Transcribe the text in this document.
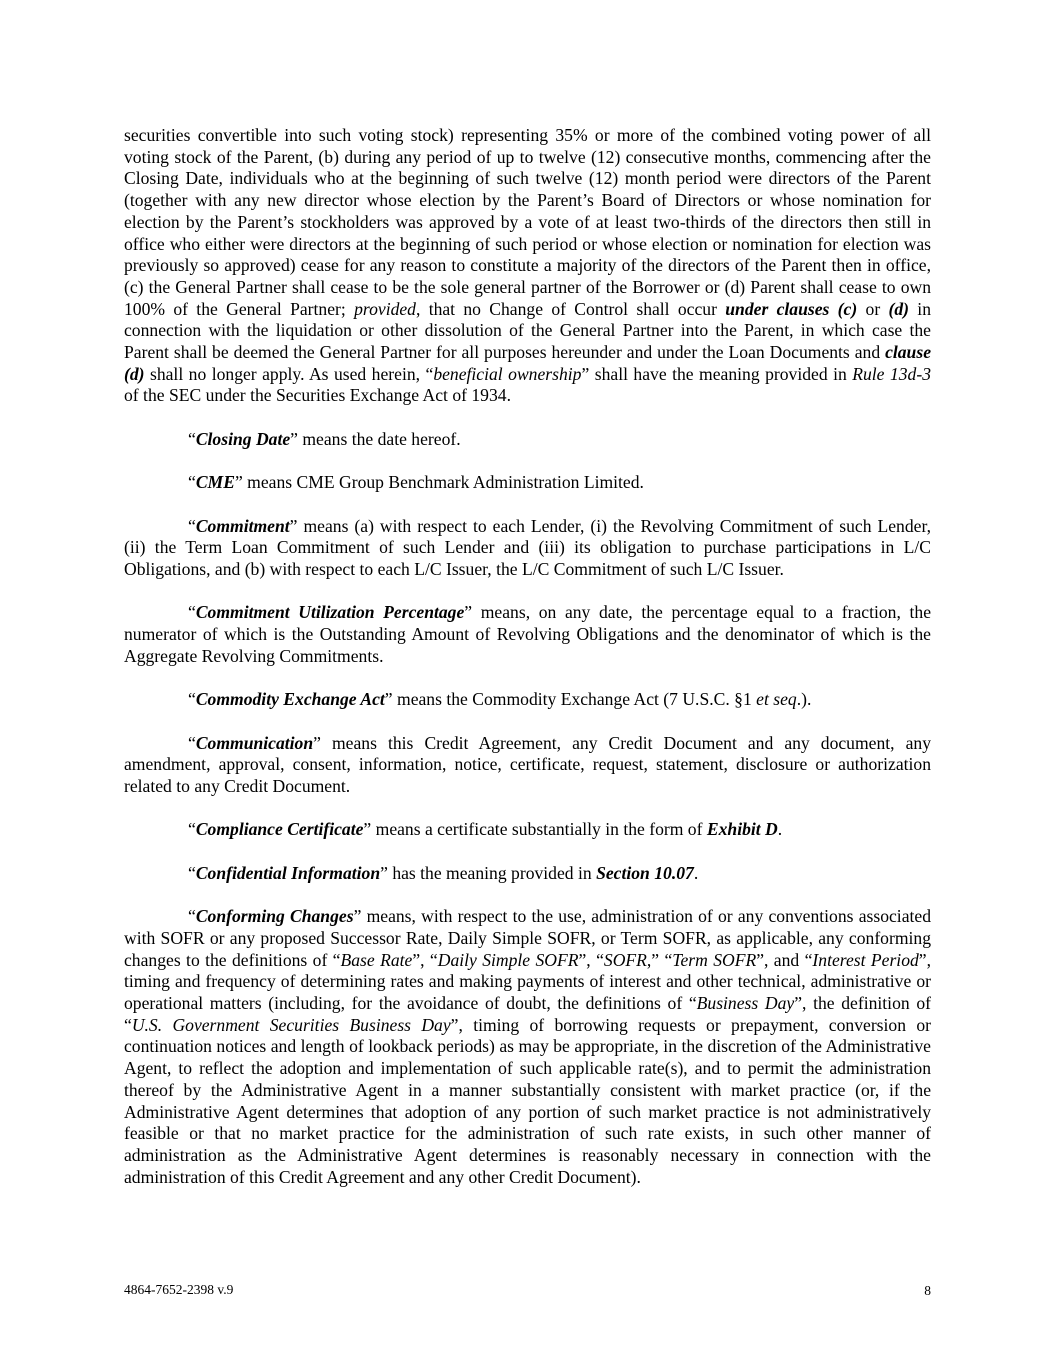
securities convertible into such voting stock) representing 35% or more of the combined voting power of all voting stock of the Parent, (b) during any period of up to twelve (12) consecutive months, commencing after the Closing Date, individuals who at the beginning of such twelve (12) month period were directors of the Parent (together with any new director whose election by the Parent’s Board of Directors or whose nomination for election by the Parent’s stockholders was approved by a vote of at least two-thirds of the directors then still in office who either were directors at the beginning of such period or whose election or nomination for election was previously so approved) cease for any reason to constitute a majority of the directors of the Parent then in office, (c) the General Partner shall cease to be the sole general partner of the Borrower or (d) Parent shall cease to own 100% of the General Partner; provided, that no Change of Control shall occur under clauses (c) or (d) in connection with the liquidation or other dissolution of the General Partner into the Parent, in which case the Parent shall be deemed the General Partner for all purposes hereunder and under the Loan Documents and clause (d) shall no longer apply. As used herein, “beneficial ownership” shall have the meaning provided in Rule 13d-3 of the SEC under the Securities Exchange Act of 1934.

“Closing Date” means the date hereof.

“CME” means CME Group Benchmark Administration Limited.

“Commitment” means (a) with respect to each Lender, (i) the Revolving Commitment of such Lender, (ii) the Term Loan Commitment of such Lender and (iii) its obligation to purchase participations in L/C Obligations, and (b) with respect to each L/C Issuer, the L/C Commitment of such L/C Issuer.

“Commitment Utilization Percentage” means, on any date, the percentage equal to a fraction, the numerator of which is the Outstanding Amount of Revolving Obligations and the denominator of which is the Aggregate Revolving Commitments.

“Commodity Exchange Act” means the Commodity Exchange Act (7 U.S.C. §1 et seq.).

“Communication” means this Credit Agreement, any Credit Document and any document, any amendment, approval, consent, information, notice, certificate, request, statement, disclosure or authorization related to any Credit Document.

“Compliance Certificate” means a certificate substantially in the form of Exhibit D.

“Confidential Information” has the meaning provided in Section 10.07.

“Conforming Changes” means, with respect to the use, administration of or any conventions associated with SOFR or any proposed Successor Rate, Daily Simple SOFR, or Term SOFR, as applicable, any conforming changes to the definitions of “Base Rate”, “Daily Simple SOFR”, “SOFR,” “Term SOFR”, and “Interest Period”, timing and frequency of determining rates and making payments of interest and other technical, administrative or operational matters (including, for the avoidance of doubt, the definitions of “Business Day”, the definition of “U.S. Government Securities Business Day”, timing of borrowing requests or prepayment, conversion or continuation notices and length of lookback periods) as may be appropriate, in the discretion of the Administrative Agent, to reflect the adoption and implementation of such applicable rate(s), and to permit the administration thereof by the Administrative Agent in a manner substantially consistent with market practice (or, if the Administrative Agent determines that adoption of any portion of such market practice is not administratively feasible or that no market practice for the administration of such rate exists, in such other manner of administration as the Administrative Agent determines is reasonably necessary in connection with the administration of this Credit Agreement and any other Credit Document).

4864-7652-2398 v.9	8
